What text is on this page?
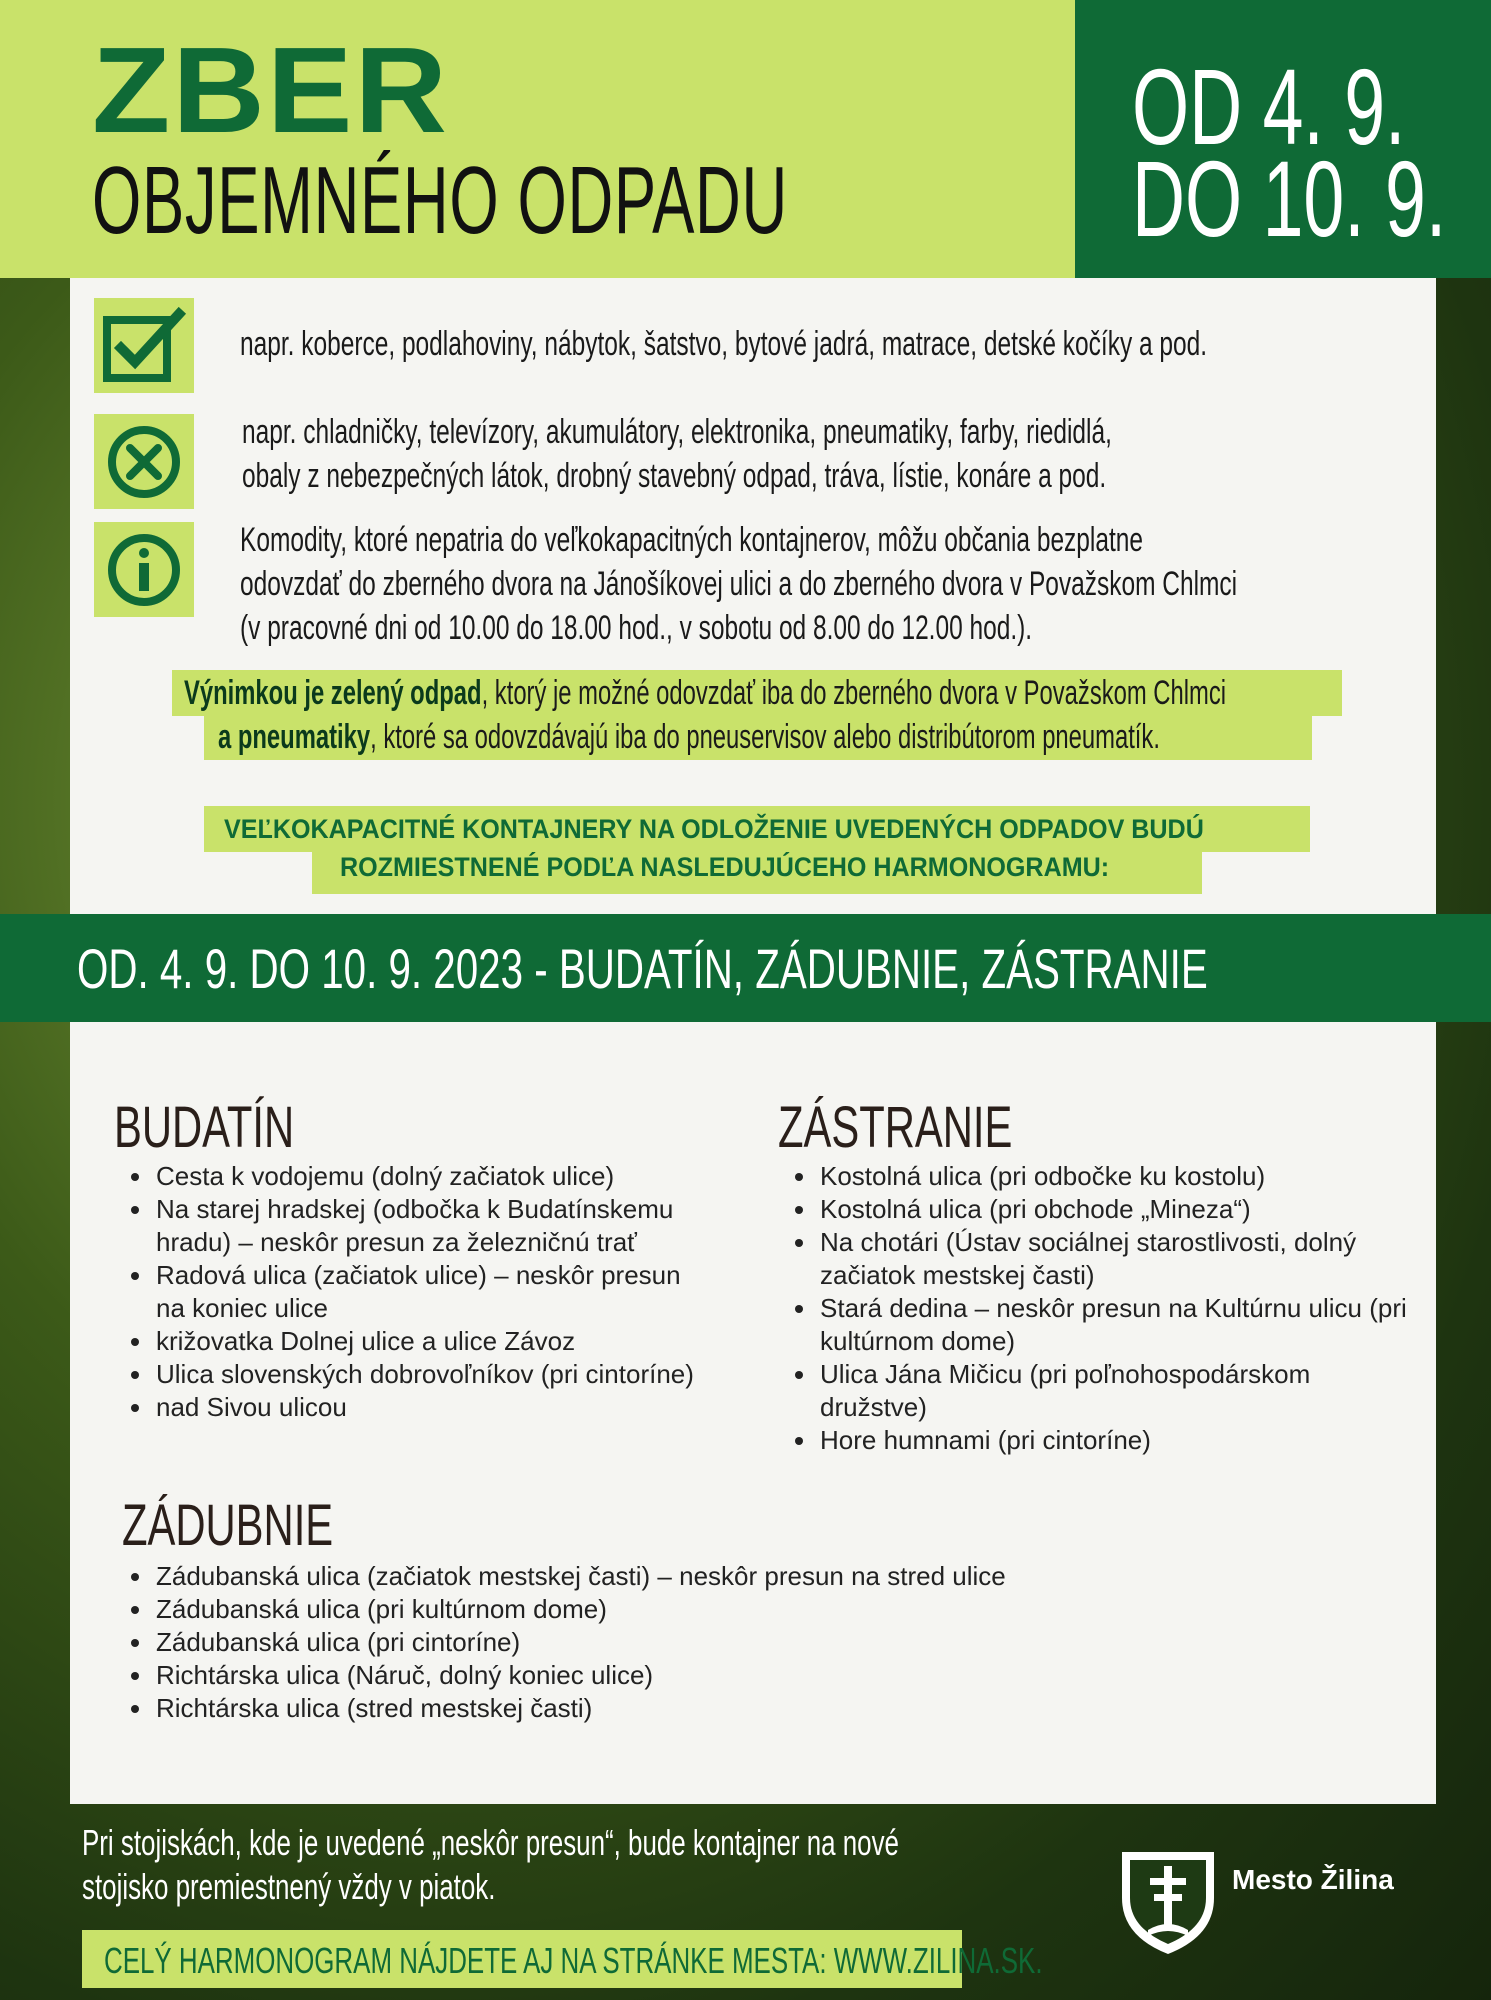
ZBER
OBJEMNÉHO ODPADU
OD 4. 9.
DO 10. 9.
napr. koberce, podlahoviny, nábytok, šatstvo, bytové jadrá, matrace, detské kočíky a pod.
napr. chladničky, televízory, akumulátory, elektronika, pneumatiky, farby, riedidlá,
obaly z nebezpečných látok, drobný stavebný odpad, tráva, lístie, konáre a pod.
Komodity, ktoré nepatria do veľkokapacitných kontajnerov, môžu občania bezplatne
odovzdať do zberného dvora na Jánošíkovej ulici a do zberného dvora v Považskom Chlmci
(v pracovné dni od 10.00 do 18.00 hod., v sobotu od 8.00 do 12.00 hod.).
Výnimkou je zelený odpad, ktorý je možné odovzdať iba do zberného dvora v Považskom Chlmci
a pneumatiky, ktoré sa odovzdávajú iba do pneuservisov alebo distribútorom pneumatík.
VEĽKOKAPACITNÉ KONTAJNERY NA ODLOŽENIE UVEDENÝCH ODPADOV BUDÚ
ROZMIESTNENÉ PODĽA NASLEDUJÚCEHO HARMONOGRAMU:
OD. 4. 9. DO 10. 9. 2023 - BUDATÍN, ZÁDUBNIE, ZÁSTRANIE
BUDATÍN
• Cesta k vodojemu (dolný začiatok ulice)
• Na starej hradskej (odbočka k Budatínskemu hradu) – neskôr presun za železničnú trať
• Radová ulica (začiatok ulice) – neskôr presun na koniec ulice
• križovatka Dolnej ulice a ulice Závoz
• Ulica slovenských dobrovoľníkov (pri cintoríne)
• nad Sivou ulicou
ZÁSTRANIE
• Kostolná ulica (pri odbočke ku kostolu)
• Kostolná ulica (pri obchode „Mineza“)
• Na chotári (Ústav sociálnej starostlivosti, dolný začiatok mestskej časti)
• Stará dedina – neskôr presun na Kultúrnu ulicu (pri kultúrnom dome)
• Ulica Jána Mičicu (pri poľnohospodárskom družstve)
• Hore humnami (pri cintoríne)
ZÁDUBNIE
• Zádubanská ulica (začiatok mestskej časti) – neskôr presun na stred ulice
• Zádubanská ulica (pri kultúrnom dome)
• Zádubanská ulica (pri cintoríne)
• Richtárska ulica (Náruč, dolný koniec ulice)
• Richtárska ulica (stred mestskej časti)
Pri stojiskách, kde je uvedené „neskôr presun“, bude kontajner na nové
stojisko premiestnený vždy v piatok.
CELÝ HARMONOGRAM NÁJDETE AJ NA STRÁNKE MESTA: WWW.ZILINA.SK.
Mesto Žilina
